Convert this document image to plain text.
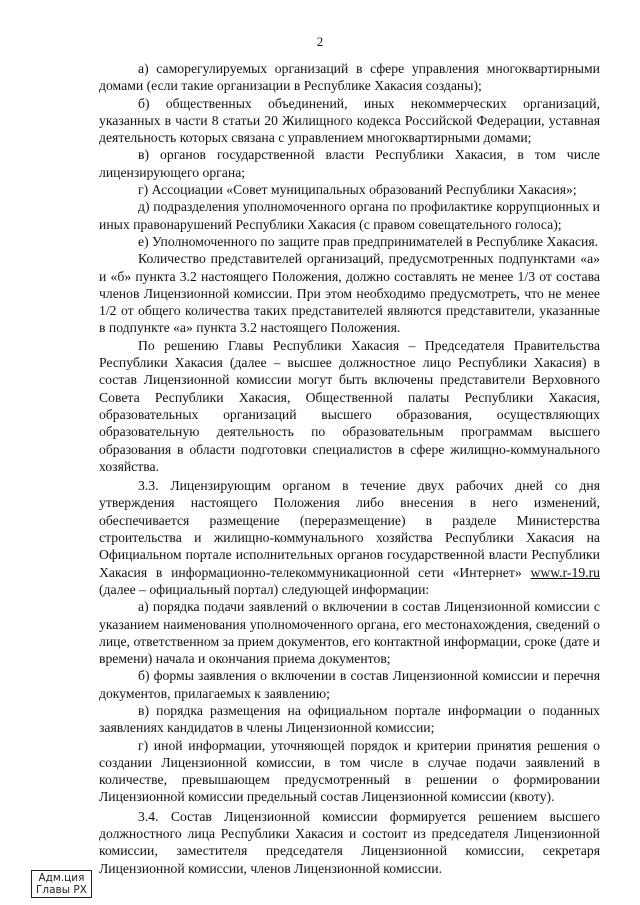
2

а) саморегулируемых организаций в сфере управления многоквартирными домами (если такие организации в Республике Хакасия созданы);

б) общественных объединений, иных некоммерческих организаций, указанных в части 8 статьи 20 Жилищного кодекса Российской Федерации, уставная деятельность которых связана с управлением многоквартирными домами;

в) органов государственной власти Республики Хакасия, в том числе лицензирующего органа;

г) Ассоциации «Совет муниципальных образований Республики Хакасия»;

д) подразделения уполномоченного органа по профилактике коррупционных и иных правонарушений Республики Хакасия (с правом совещательного голоса);

е) Уполномоченного по защите прав предпринимателей в Республике Хакасия.

Количество представителей организаций, предусмотренных подпунктами «а» и «б» пункта 3.2 настоящего Положения, должно составлять не менее 1/3 от состава членов Лицензионной комиссии. При этом необходимо предусмотреть, что не менее 1/2 от общего количества таких представителей являются представители, указанные в подпункте «а» пункта 3.2 настоящего Положения.

По решению Главы Республики Хакасия – Председателя Правительства Республики Хакасия (далее – высшее должностное лицо Республики Хакасия) в состав Лицензионной комиссии могут быть включены представители Верховного Совета Республики Хакасия, Общественной палаты Республики Хакасия, образовательных организаций высшего образования, осуществляющих образовательную деятельность по образовательным программам высшего образования в области подготовки специалистов в сфере жилищно-коммунального хозяйства.

3.3. Лицензирующим органом в течение двух рабочих дней со дня утверждения настоящего Положения либо внесения в него изменений, обеспечивается размещение (переразмещение) в разделе Министерства строительства и жилищно-коммунального хозяйства Республики Хакасия на Официальном портале исполнительных органов государственной власти Республики Хакасия в информационно-телекоммуникационной сети «Интернет» www.r-19.ru (далее – официальный портал) следующей информации:

а) порядка подачи заявлений о включении в состав Лицензионной комиссии с указанием наименования уполномоченного органа, его местонахождения, сведений о лице, ответственном за прием документов, его контактной информации, сроке (дате и времени) начала и окончания приема документов;

б) формы заявления о включении в состав Лицензионной комиссии и перечня документов, прилагаемых к заявлению;

в) порядка размещения на официальном портале информации о поданных заявлениях кандидатов в члены Лицензионной комиссии;

г) иной информации, уточняющей порядок и критерии принятия решения о создании Лицензионной комиссии, в том числе в случае подачи заявлений в количестве, превышающем предусмотренный в решении о формировании Лицензионной комиссии предельный состав Лицензионной комиссии (квоту).

3.4. Состав Лицензионной комиссии формируется решением высшего должностного лица Республики Хакасия и состоит из председателя Лицензионной комиссии, заместителя председателя Лицензионной комиссии, секретаря Лицензионной комиссии, членов Лицензионной комиссии.

Адм.ция
Главы РХ
